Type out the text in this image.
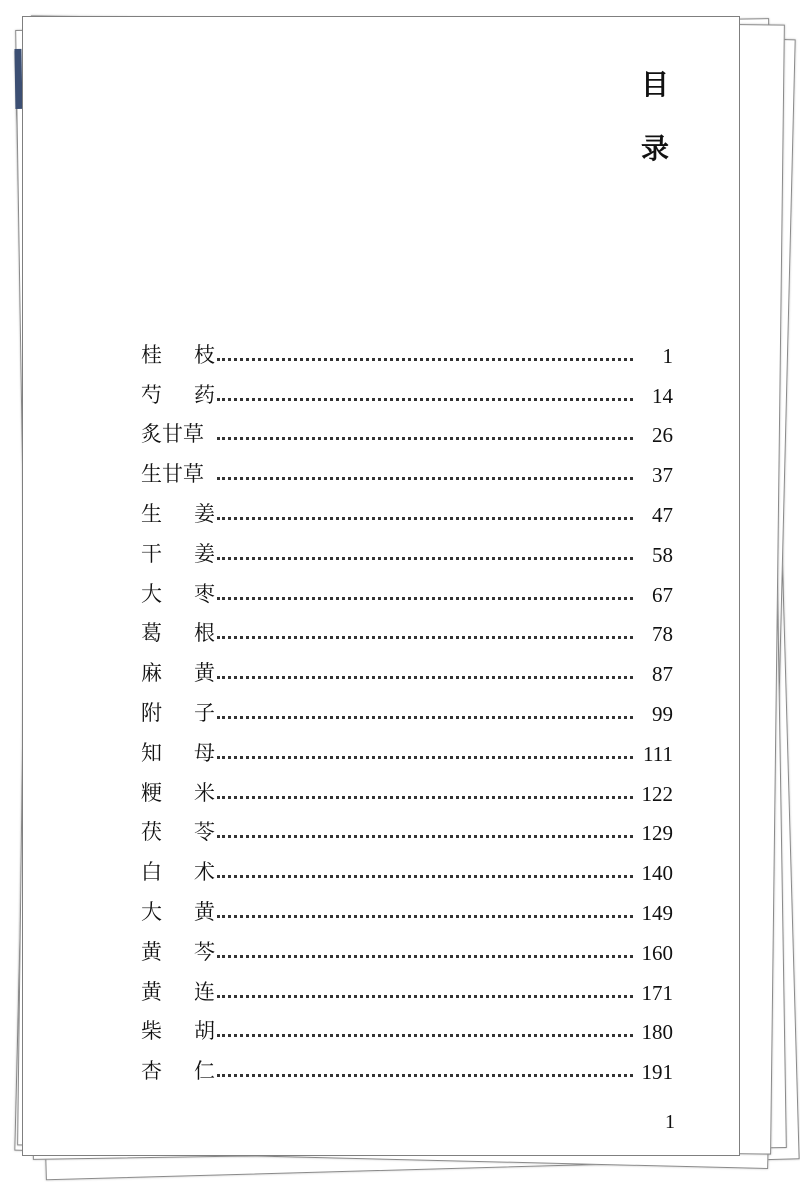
目
录
桂 枝	1
芍 药	14
炙甘草	26
生甘草	37
生 姜	47
干 姜	58
大 枣	67
葛 根	78
麻 黄	87
附 子	99
知 母	111
粳 米	122
茯 苓	129
白 术	140
大 黄	149
黄 芩	160
黄 连	171
柴 胡	180
杏 仁	191
1
